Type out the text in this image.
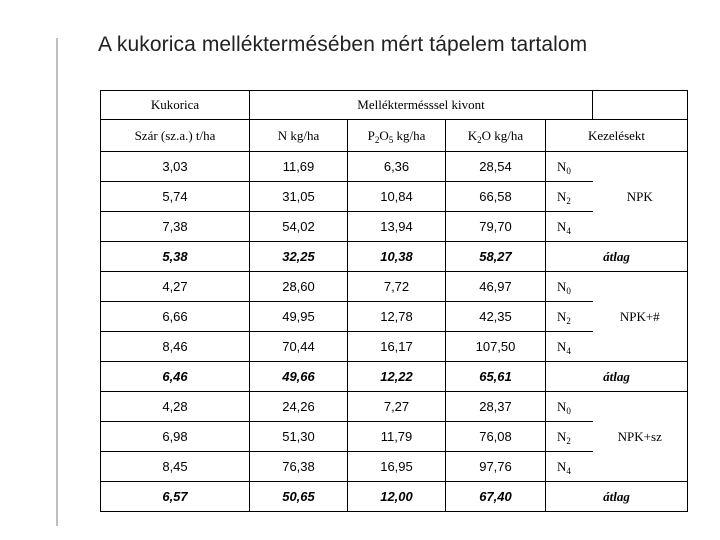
A kukorica melléktermésében mért tápelem tartalom
Kukorica	Melléktermésssel kivont				
Szár (sz.a.) t/ha	N kg/ha	$P_2O_5$ kg/ha	$K_2O$ kg/ha	Kezelésekt	
3,03	11,69	6,36	28,54	$N_0$	NPK
5,74	31,05	10,84	66,58	$N_2$
7,38	54,02	13,94	79,70	$N_4$
5,38	32,25	10,38	58,27	átlag	
4,27	28,60	7,72	46,97	$N_0$	NPK+#
6,66	49,95	12,78	42,35	$N_2$
8,46	70,44	16,17	107,50	$N_4$
6,46	49,66	12,22	65,61	átlag	
4,28	24,26	7,27	28,37	$N_0$	NPK+sz
6,98	51,30	11,79	76,08	$N_2$
8,45	76,38	16,95	97,76	$N_4$
6,57	50,65	12,00	67,40	átlag	
